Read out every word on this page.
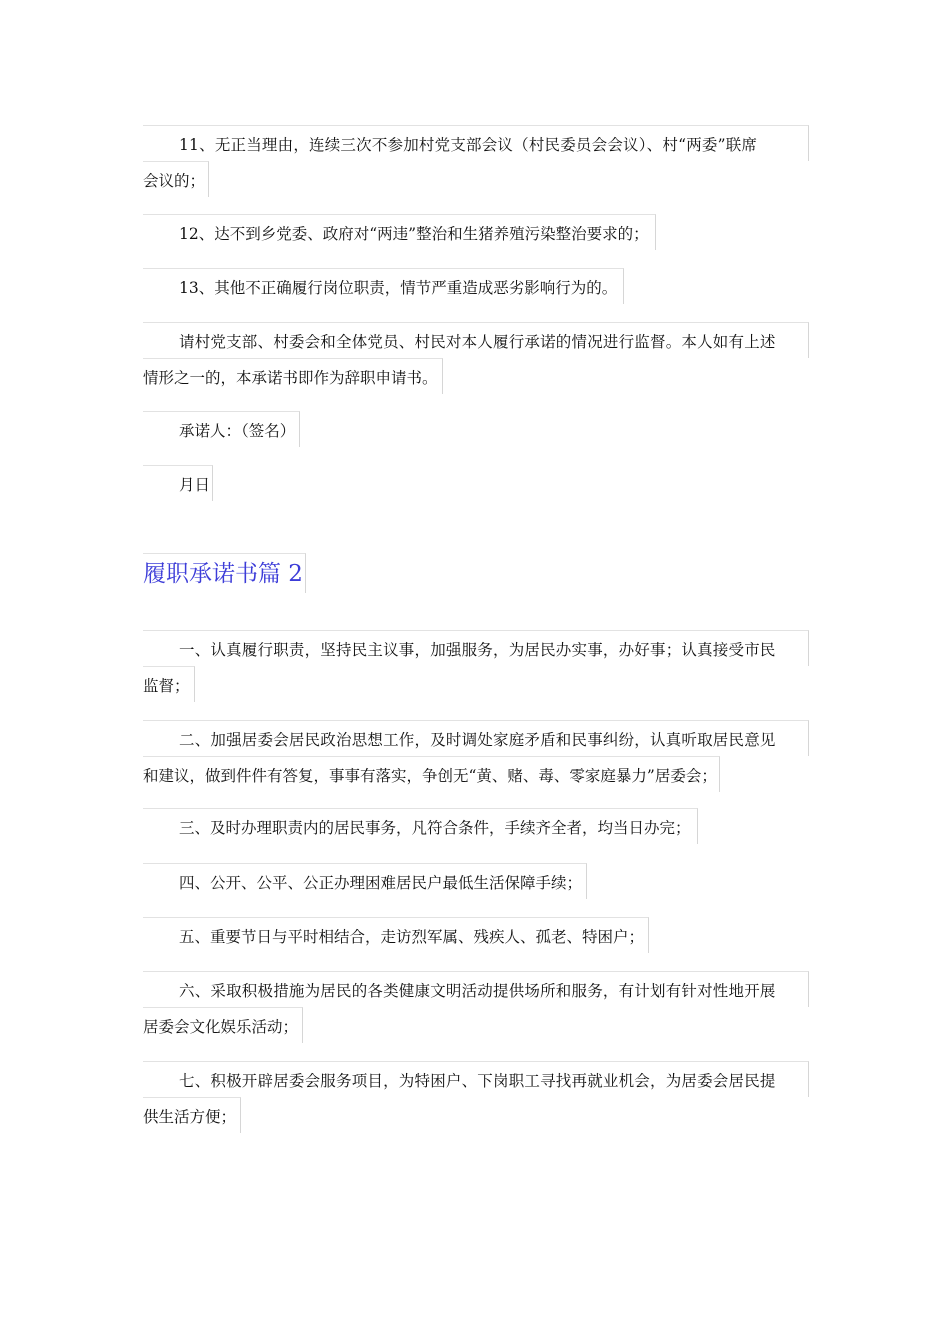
11、无正当理由，连续三次不参加村党支部会议（村民委员会会议）、村“两委”联席
会议的；

12、达不到乡党委、政府对“两违”整治和生猪养殖污染整治要求的；

13、其他不正确履行岗位职责，情节严重造成恶劣影响行为的。

请村党支部、村委会和全体党员、村民对本人履行承诺的情况进行监督。本人如有上述
情形之一的，本承诺书即作为辞职申请书。

承诺人：（签名）

月日

履职承诺书篇 2

一、认真履行职责，坚持民主议事，加强服务，为居民办实事，办好事；认真接受市民
监督；

二、加强居委会居民政治思想工作，及时调处家庭矛盾和民事纠纷，认真听取居民意见
和建议，做到件件有答复，事事有落实，争创无“黄、赌、毒、零家庭暴力”居委会；

三、及时办理职责内的居民事务，凡符合条件，手续齐全者，均当日办完；

四、公开、公平、公正办理困难居民户最低生活保障手续；

五、重要节日与平时相结合，走访烈军属、残疾人、孤老、特困户；

六、采取积极措施为居民的各类健康文明活动提供场所和服务，有计划有针对性地开展
居委会文化娱乐活动；

七、积极开辟居委会服务项目，为特困户、下岗职工寻找再就业机会，为居委会居民提
供生活方便；
